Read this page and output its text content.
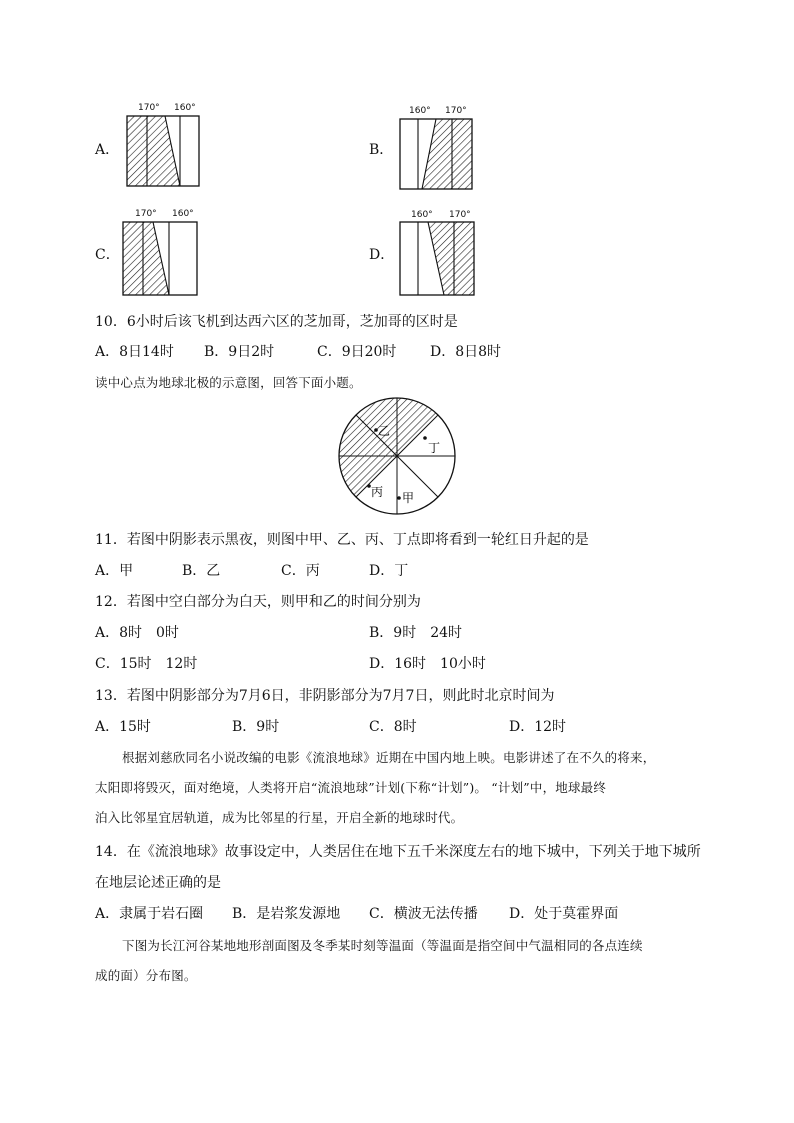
A．
170° 160°
B．
160° 170°
C．
170° 160°
D．
160° 170°
10．6小时后该飞机到达西六区的芝加哥，芝加哥的区时是
A．8日14时 B．9日2时	C．9日20时 D．8日8时
读中心点为地球北极的示意图，回答下面小题。
乙
丁
丙 甲
11．若图中阴影表示黑夜，则图中甲、乙、丙、丁点即将看到一轮红日升起的是
A．甲	B．乙	C．丙	D．丁
12．若图中空白部分为白天，则甲和乙的时间分别为
A．8时　0时	B．9时　24时
C．15时　12时	D．16时　10小时
13．若图中阴影部分为7月6日，非阴影部分为7月7日，则此时北京时间为
A．15时	B．9时	C．8时	D．12时
根据刘慈欣同名小说改编的电影《流浪地球》近期在中国内地上映。电影讲述了在不久的将来，
太阳即将毁灭，面对绝境，人类将开启“流浪地球”计划(下称“计划”)。 “计划”中，地球最终
泊入比邻星宜居轨道，成为比邻星的行星，开启全新的地球时代。
14．在《流浪地球》故事设定中，人类居住在地下五千米深度左右的地下城中，下列关于地下城所
在地层论述正确的是
A．隶属于岩石圈 B．是岩浆发源地 C．横波无法传播 D．处于莫霍界面
下图为长江河谷某地地形剖面图及冬季某时刻等温面（等温面是指空间中气温相同的各点连续
成的面）分布图。
